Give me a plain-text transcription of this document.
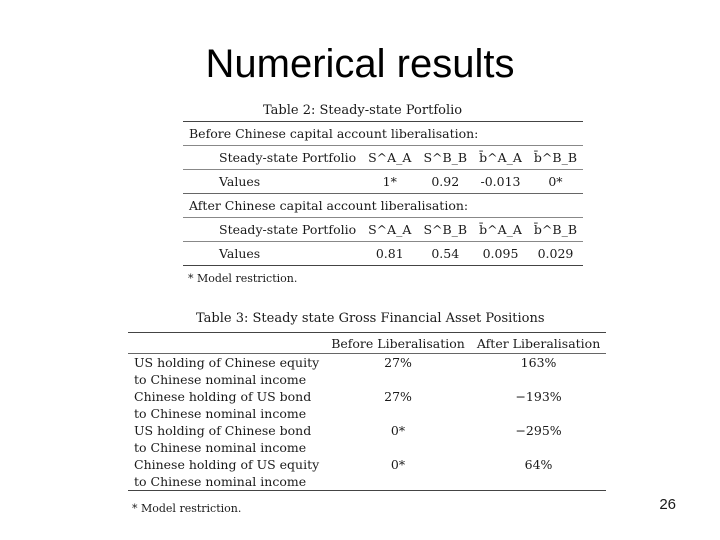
Numerical results
Table 2: Steady-state Portfolio
Before Chinese capital account liberalisation:				
Steady-state Portfolio	S^A_A	S^B_B	b̄^A_A	b̄^B_B
Values	1*	0.92	-0.013	0*
After Chinese capital account liberalisation:				
Steady-state Portfolio	S^A_A	S^B_B	b̄^A_A	b̄^B_B
Values	0.81	0.54	0.095	0.029
* Model restriction.
Table 3: Steady state Gross Financial Asset Positions
	Before Liberalisation	After Liberalisation
US holding of Chinese equity	27%	163%
to Chinese nominal income		
Chinese holding of US bond	27%	−193%
to Chinese nominal income		
US holding of Chinese bond	0*	−295%
to Chinese nominal income		
Chinese holding of US equity	0*	64%
to Chinese nominal income		
* Model restriction.	26
